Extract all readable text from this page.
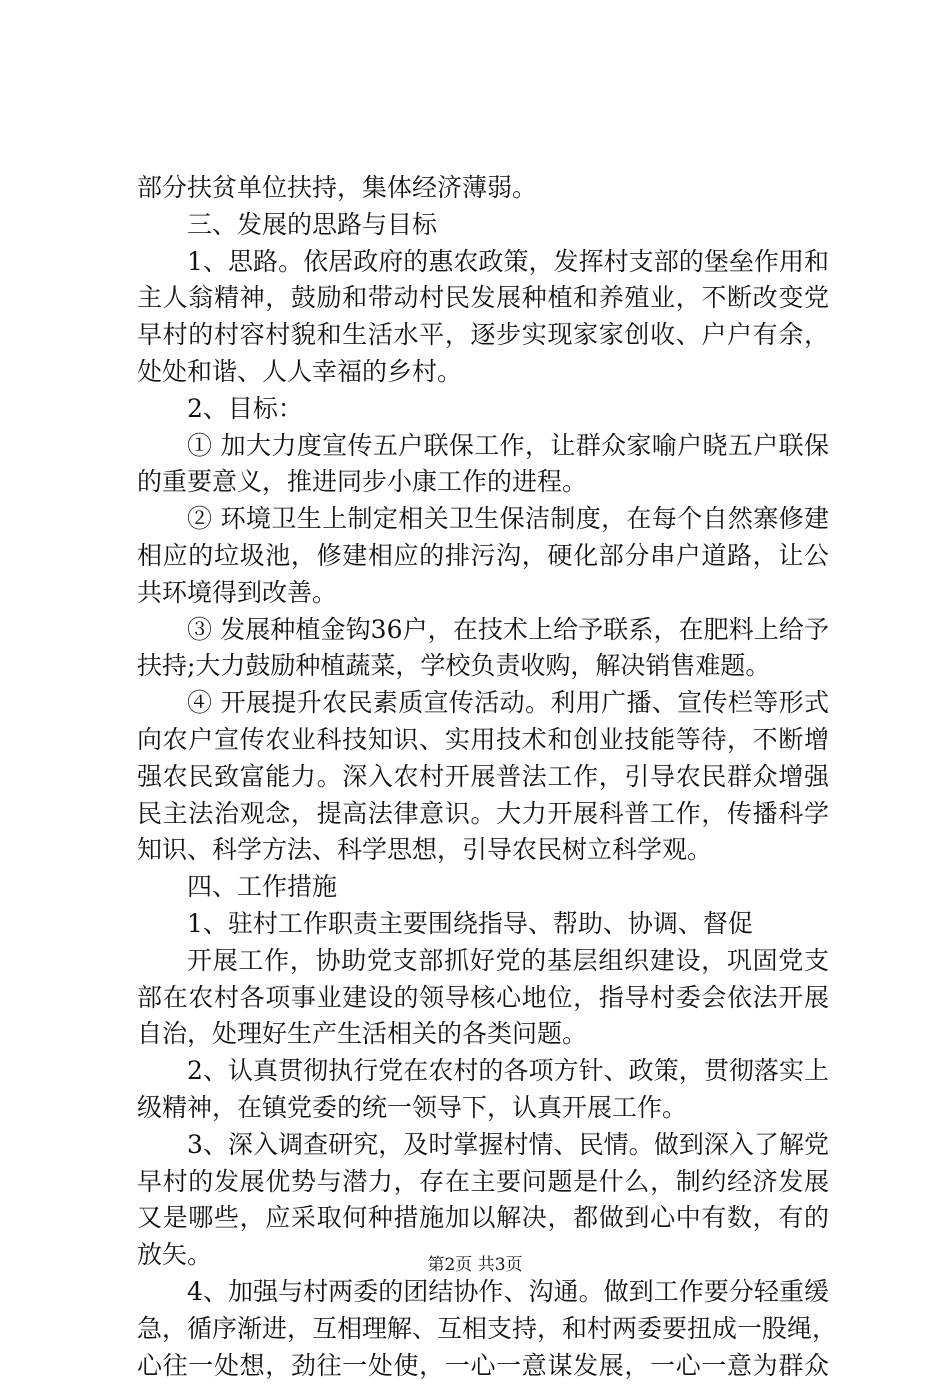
部分扶贫单位扶持，集体经济薄弱。
三、发展的思路与目标
1、思路。依居政府的惠农政策，发挥村支部的堡垒作用和
主人翁精神，鼓励和带动村民发展种植和养殖业，不断改变党
早村的村容村貌和生活水平，逐步实现家家创收、户户有余，
处处和谐、人人幸福的乡村。
2、目标：
① 加大力度宣传五户联保工作，让群众家喻户晓五户联保
的重要意义，推进同步小康工作的进程。
② 环境卫生上制定相关卫生保洁制度，在每个自然寨修建
相应的垃圾池，修建相应的排污沟，硬化部分串户道路，让公
共环境得到改善。
③ 发展种植金钩36户，在技术上给予联系，在肥料上给予
扶持;大力鼓励种植蔬菜，学校负责收购，解决销售难题。
④ 开展提升农民素质宣传活动。利用广播、宣传栏等形式
向农户宣传农业科技知识、实用技术和创业技能等待，不断增
强农民致富能力。深入农村开展普法工作，引导农民群众增强
民主法治观念，提高法律意识。大力开展科普工作，传播科学
知识、科学方法、科学思想，引导农民树立科学观。
四、工作措施
1、驻村工作职责主要围绕指导、帮助、协调、督促
开展工作，协助党支部抓好党的基层组织建设，巩固党支
部在农村各项事业建设的领导核心地位，指导村委会依法开展
自治，处理好生产生活相关的各类问题。
2、认真贯彻执行党在农村的各项方针、政策，贯彻落实上
级精神，在镇党委的统一领导下，认真开展工作。
3、深入调查研究，及时掌握村情、民情。做到深入了解党
早村的发展优势与潜力，存在主要问题是什么，制约经济发展
又是哪些，应采取何种措施加以解决，都做到心中有数，有的
放矢。
4、加强与村两委的团结协作、沟通。做到工作要分轻重缓
急，循序渐进，互相理解、互相支持，和村两委要扭成一股绳，
心往一处想，劲往一处使，一心一意谋发展，一心一意为群众
第2页 共3页
